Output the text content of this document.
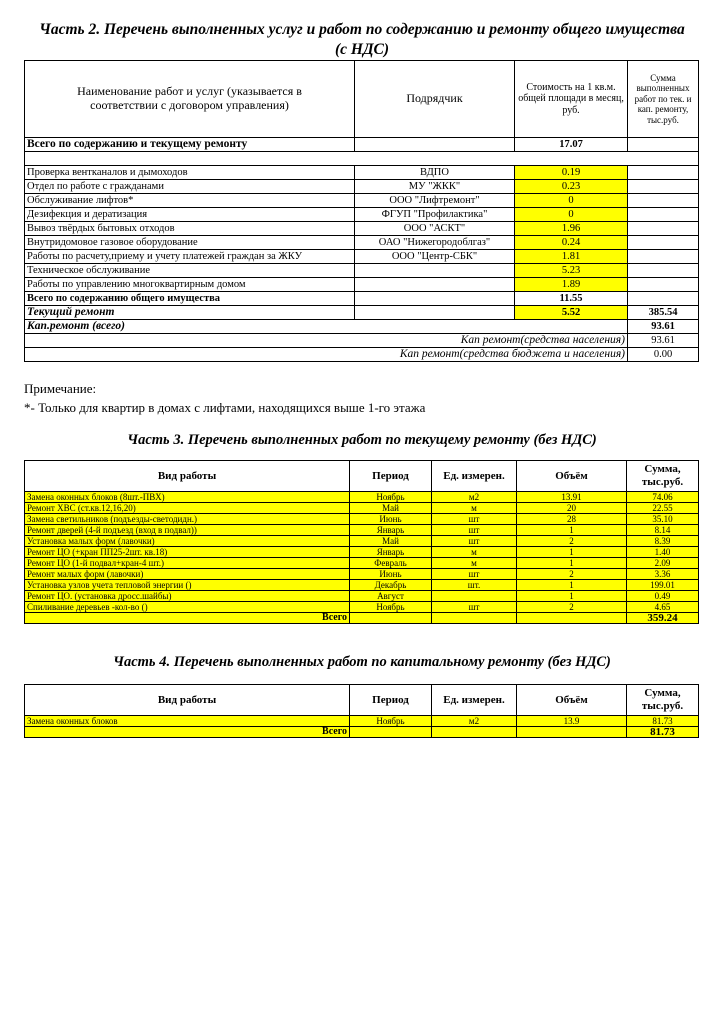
Часть 2. Перечень выполненных услуг и работ по содержанию и ремонту общего имущества
(с НДС)
Наименование работ и услуг (указывается в соответствии с договором управления)	Подрядчик	Стоимость на 1 кв.м. общей площади в месяц, руб.	Сумма выполненных работ по тек. и кап. ремонту, тыс.руб.
Всего по содержанию и текущему ремонту		17.07	

Проверка вентканалов и дымоходов	ВДПО	0.19	
Отдел по работе с гражданами	МУ "ЖКК"	0.23	
Обслуживание лифтов*	ООО "Лифтремонт"	0	
Дезифекция и дератизация	ФГУП "Профилактика"	0	
Вывоз твёрдых бытовых отходов	ООО "АСКТ"	1.96	
Внутридомовое газовое оборудование	ОАО "Нижегородоблгаз"	0.24	
Работы по расчету,приему и учету платежей граждан за ЖКУ	ООО "Центр-СБК"	1.81	
Техническое обслуживание		5.23	
Работы по управлению многоквартирным домом		1.89	
Всего по содержанию общего имущества		11.55	
Текущий ремонт		5.52	385.54
Кап.ремонт (всего)			93.61
Кап ремонт(средства населения)			93.61
Кап ремонт(средства бюджета и населения)			0.00
Примечание:
*- Только для квартир в домах с лифтами, находящихся выше 1-го этажа
Часть 3. Перечень выполненных работ по текущему ремонту (без НДС)
Вид работы	Период	Ед. измерен.	Объём	Сумма, тыс.руб.
Замена оконных блоков (8шт.-ПВХ)	Ноябрь	м2	13.91	74.06
Ремонт ХВС (ст.кв.12,16,20)	Май	м	20	22.55
Замена светильников (подъезды-светодидн.)	Июнь	шт	28	35.10
Ремонт дверей (4-й подъезд (вход в подвал))	Январь	шт	1	8.14
Установка малых форм (лавочки)	Май	шт	2	8.39
Ремонт ЦО (+кран ПП25-2шт. кв.18)	Январь	м	1	1.40
Ремонт ЦО (1-й подвал+кран-4 шт.)	Февраль	м	1	2.09
Ремонт малых форм (лавочки)	Июнь	шт	2	3.36
Установка узлов учета тепловой энергии ()	Декабрь	шт.	1	199.01
Ремонт ЦО. (установка дросс.шайбы)	Август		1	0.49
Спиливание деревьев -кол-во ()	Ноябрь	шт	2	4.65
Всего				359.24
Часть 4. Перечень выполненных работ по капитальному ремонту (без НДС)
Вид работы	Период	Ед. измерен.	Объём	Сумма, тыс.руб.
Замена оконных блоков	Ноябрь	м2	13.9	81.73
Всего				81.73
